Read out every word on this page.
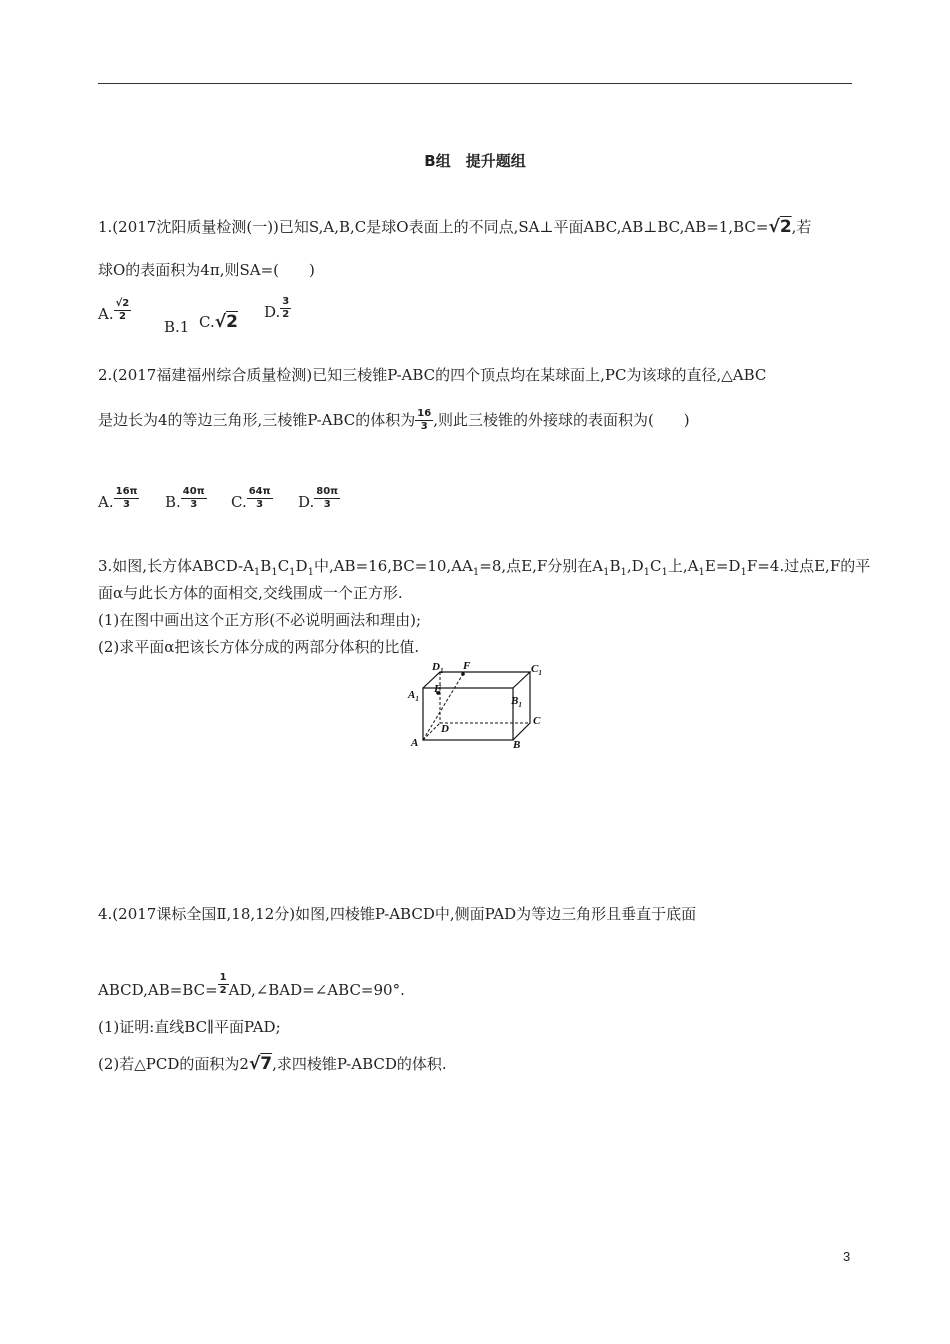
B组　提升题组
1.(2017沈阳质量检测(一))已知S,A,B,C是球O表面上的不同点,SA⊥平面ABC,AB⊥BC,AB=1,BC=√2,若
球O的表面积为4π,则SA=(　　)
A. $\frac{√2}{2}$
B.1 C.√2 D. $\frac{3}{2}$
2.(2017福建福州综合质量检测)已知三棱锥P-ABC的四个顶点均在某球面上,PC为该球的直径,△ABC
是边长为4的等边三角形,三棱锥P-ABC的体积为 $\frac{16}{3}$ ,则此三棱锥的外接球的表面积为(　　)
A. $\frac{16\pi}{3} B$. $\frac{40\pi}{3} C$. $\frac{64\pi}{3} D$. $\frac{80\pi}{3}$
3.如图,长方体ABCD-$A_1B_1C_1D_1$中$,AB=16,BC=10,AA_1=8$,点E,F分别在$A_1B_1,D_1C_1$上$,A_1E=D_1F=4$.过点E,F的平
面α与此长方体的面相交,交线围成一个正方形.
(1)在图中画出这个正方形(不必说明画法和理由);
(2)求平面α把该长方体分成的两部分体积的比值.
$D_1$ F	$C_1$
$A_1$
E
$B_1$
D
C
A	B
4.(2017课标全国Ⅱ,18,12分)如图,四棱锥P-ABCD中,侧面PAD为等边三角形且垂直于底面
ABCD,AB=BC= $\frac{1}{2}$ AD,∠BAD=∠ABC=90°.
(1)证明:直线BC∥平面PAD;
(2)若△PCD的面积为2√7,求四棱锥P-ABCD的体积.
3
